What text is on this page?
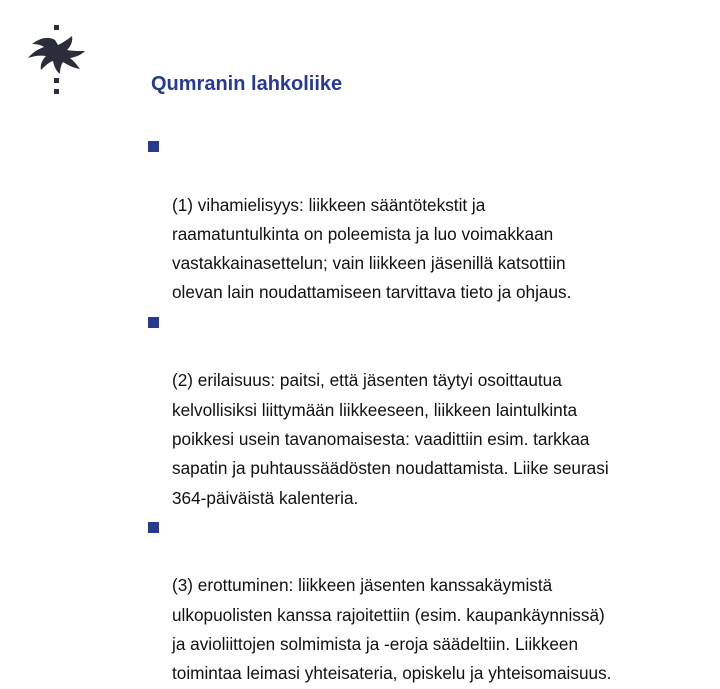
Qumranin lahkoliike

(1) vihamielisyys: liikkeen sääntötekstit ja
raamatuntulkinta on poleemista ja luo voimakkaan
vastakkainasettelun; vain liikkeen jäsenillä katsottiin
olevan lain noudattamiseen tarvittava tieto ja ohjaus.

(2) erilaisuus: paitsi, että jäsenten täytyi osoittautua
kelvollisiksi liittymään liikkeeseen, liikkeen laintulkinta
poikkesi usein tavanomaisesta: vaadittiin esim. tarkkaa
sapatin ja puhtaussäädösten noudattamista. Liike seurasi
364-päiväistä kalenteria.

(3) erottuminen: liikkeen jäsenten kanssakäymistä
ulkopuolisten kanssa rajoitettiin (esim. kaupankäynnissä)
ja avioliittojen solmimista ja -eroja säädeltiin. Liikkeen
toimintaa leimasi yhteisateria, opiskelu ja yhteisomaisuus.
